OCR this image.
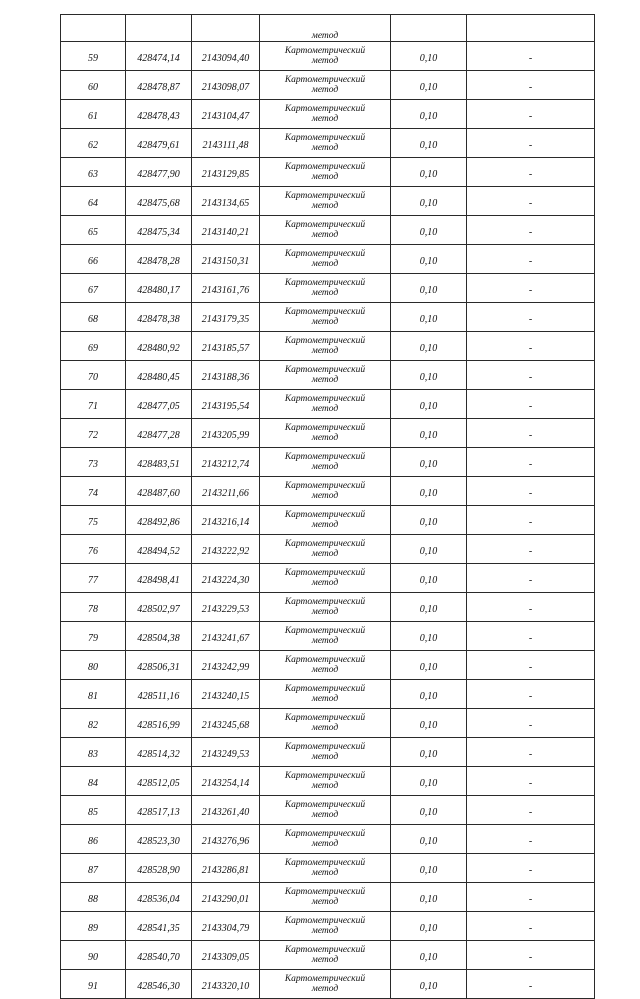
			метод		

59	428474,14	2143094,40	Картометрический
метод	0,10	-
60	428478,87	2143098,07	Картометрический
метод	0,10	-
61	428478,43	2143104,47	Картометрический
метод	0,10	-
62	428479,61	2143111,48	Картометрический
метод	0,10	-
63	428477,90	2143129,85	Картометрический
метод	0,10	-
64	428475,68	2143134,65	Картометрический
метод	0,10	-
65	428475,34	2143140,21	Картометрический
метод	0,10	-
66	428478,28	2143150,31	Картометрический
метод	0,10	-
67	428480,17	2143161,76	Картометрический
метод	0,10	-
68	428478,38	2143179,35	Картометрический
метод	0,10	-
69	428480,92	2143185,57	Картометрический
метод	0,10	-
70	428480,45	2143188,36	Картометрический
метод	0,10	-
71	428477,05	2143195,54	Картометрический
метод	0,10	-
72	428477,28	2143205,99	Картометрический
метод	0,10	-
73	428483,51	2143212,74	Картометрический
метод	0,10	-
74	428487,60	2143211,66	Картометрический
метод	0,10	-
75	428492,86	2143216,14	Картометрический
метод	0,10	-
76	428494,52	2143222,92	Картометрический
метод	0,10	-
77	428498,41	2143224,30	Картометрический
метод	0,10	-
78	428502,97	2143229,53	Картометрический
метод	0,10	-
79	428504,38	2143241,67	Картометрический
метод	0,10	-
80	428506,31	2143242,99	Картометрический
метод	0,10	-
81	428511,16	2143240,15	Картометрический
метод	0,10	-
82	428516,99	2143245,68	Картометрический
метод	0,10	-
83	428514,32	2143249,53	Картометрический
метод	0,10	-
84	428512,05	2143254,14	Картометрический
метод	0,10	-
85	428517,13	2143261,40	Картометрический
метод	0,10	-
86	428523,30	2143276,96	Картометрический
метод	0,10	-
87	428528,90	2143286,81	Картометрический
метод	0,10	-
88	428536,04	2143290,01	Картометрический
метод	0,10	-
89	428541,35	2143304,79	Картометрический
метод	0,10	-
90	428540,70	2143309,05	Картометрический
метод	0,10	-
91	428546,30	2143320,10	Картометрический
метод	0,10	-
